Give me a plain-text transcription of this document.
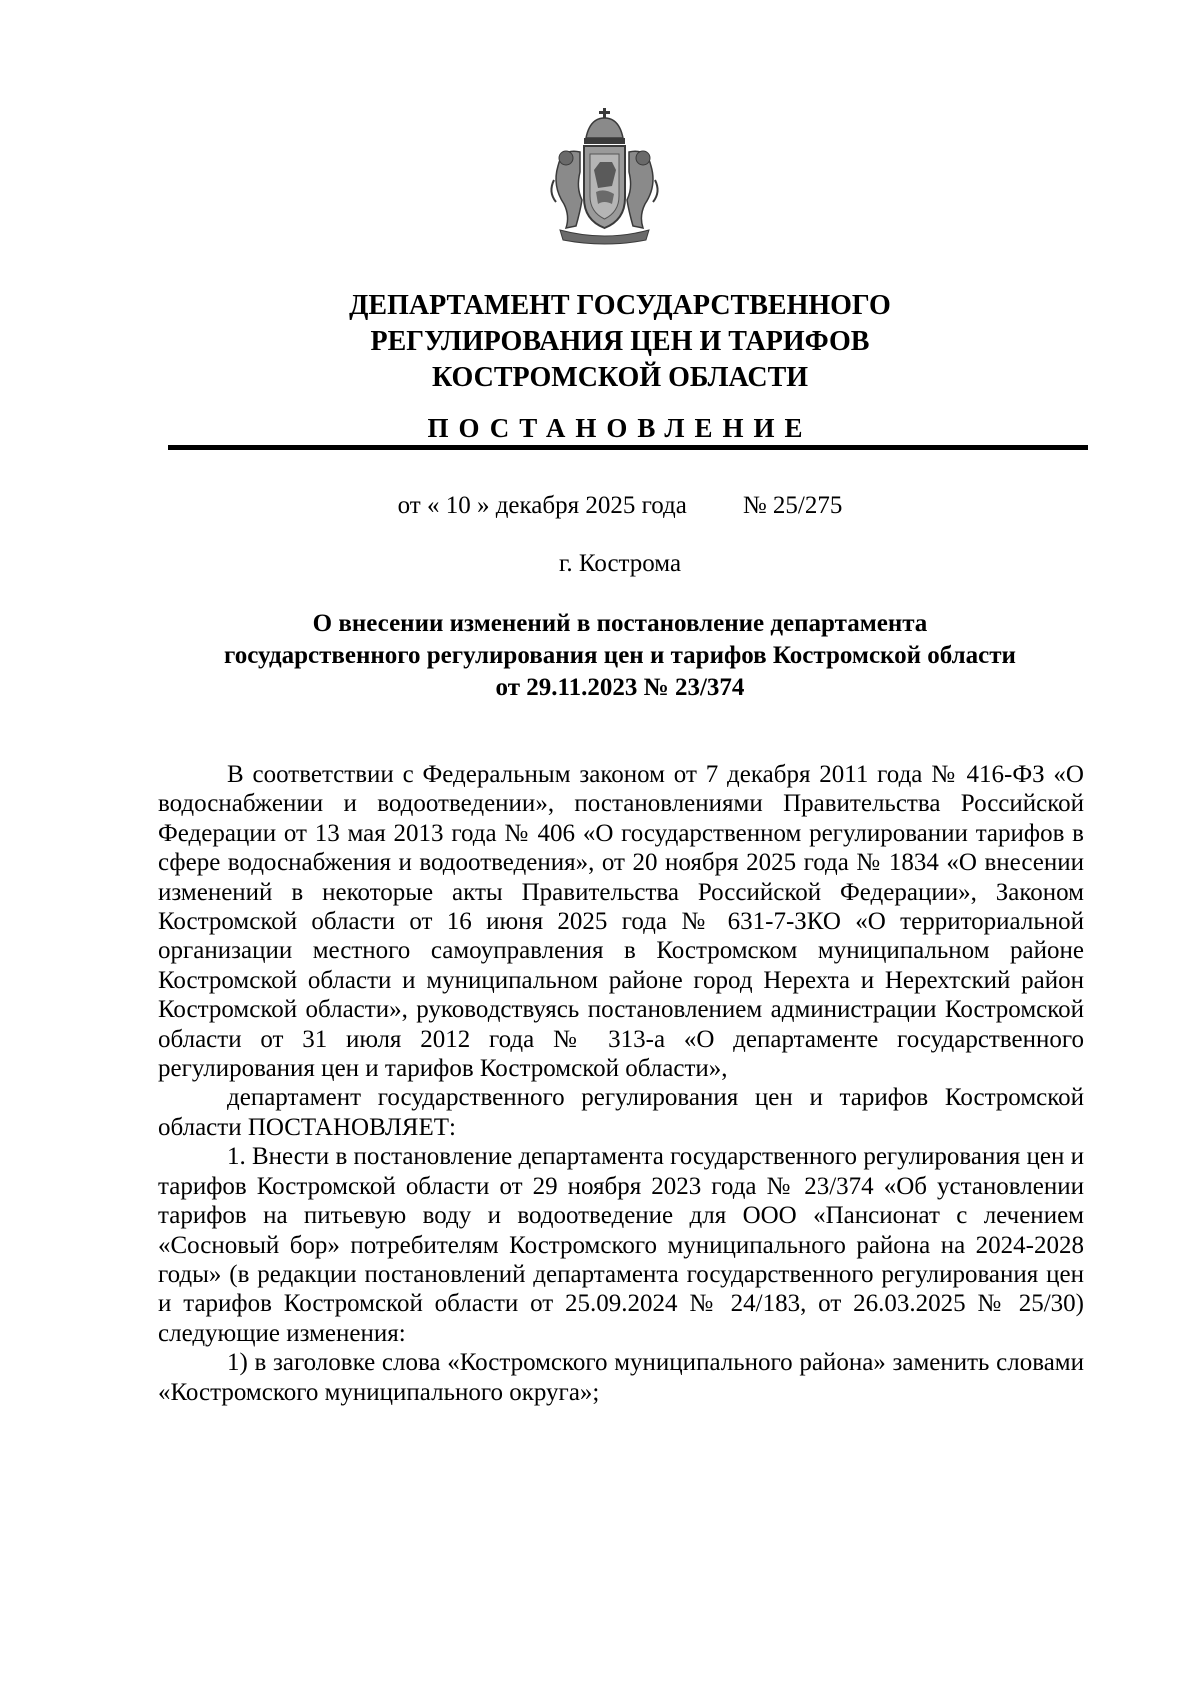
ДЕПАРТАМЕНТ ГОСУДАРСТВЕННОГО
РЕГУЛИРОВАНИЯ ЦЕН И ТАРИФОВ
КОСТРОМСКОЙ ОБЛАСТИ
ПОСТАНОВЛЕНИЕ
от « 10 » декабря 2025 года № 25/275
г. Кострома
О внесении изменений в постановление департамента
государственного регулирования цен и тарифов Костромской области
от 29.11.2023 № 23/374

В соответствии с Федеральным законом от 7 декабря 2011 года № 416-ФЗ «О водоснабжении и водоотведении», постановлениями Правительства Российской Федерации от 13 мая 2013 года № 406 «О государственном регулировании тарифов в сфере водоснабжения и водоотведения», от 20 ноября 2025 года № 1834 «О внесении изменений в некоторые акты Правительства Российской Федерации», Законом Костромской области от 16 июня 2025 года № 631-7-ЗКО «О территориальной организации местного самоуправления в Костромском муниципальном районе Костромской области и муниципальном районе город Нерехта и Нерехтский район Костромской области», руководствуясь постановлением администрации Костромской области от 31 июля 2012 года № 313-а «О департаменте государственного регулирования цен и тарифов Костромской области»,

департамент государственного регулирования цен и тарифов Костромской области ПОСТАНОВЛЯЕТ:

1. Внести в постановление департамента государственного регулирования цен и тарифов Костромской области от 29 ноября 2023 года № 23/374 «Об установлении тарифов на питьевую воду и водоотведение для ООО «Пансионат с лечением «Сосновый бор» потребителям Костромского муниципального района на 2024-2028 годы» (в редакции постановлений департамента государственного регулирования цен и тарифов Костромской области от 25.09.2024 № 24/183, от 26.03.2025 № 25/30) следующие изменения:

1) в заголовке слова «Костромского муниципального района» заменить словами «Костромского муниципального округа»;
